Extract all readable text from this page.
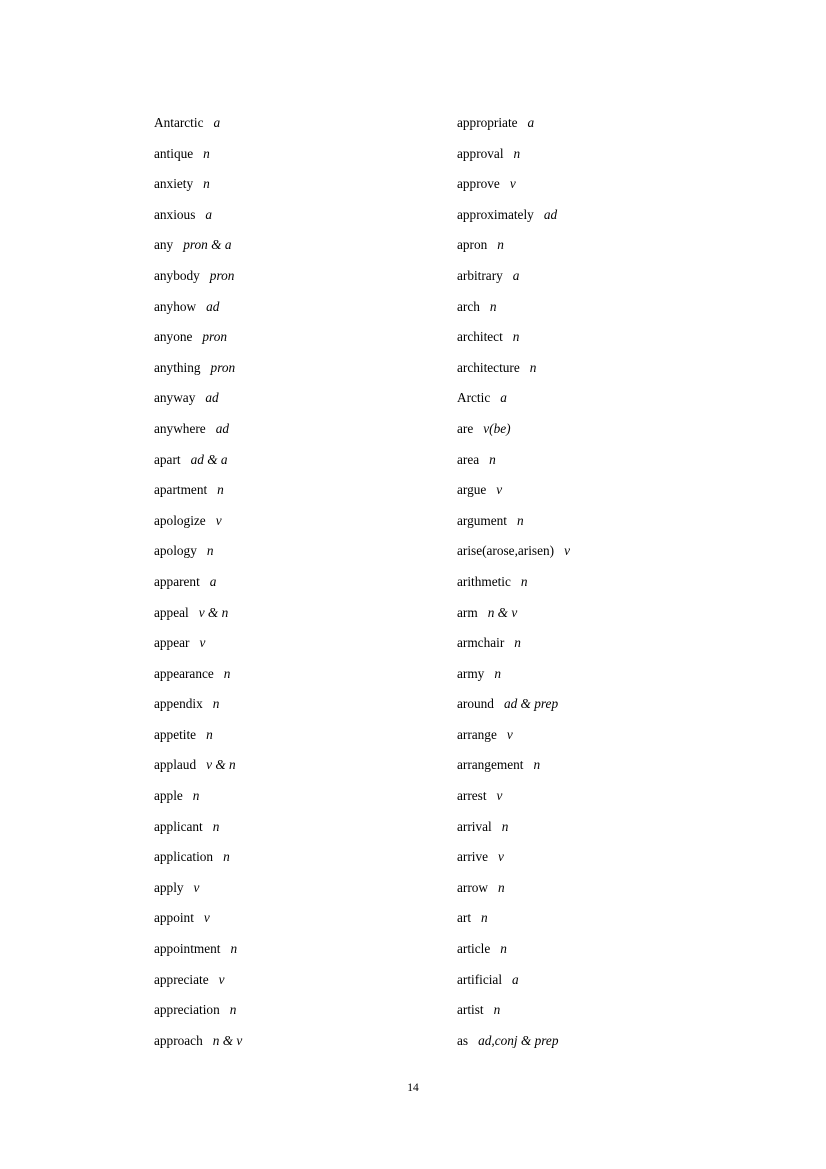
Antarctic a
antique n
anxiety n
anxious a
any pron & a
anybody pron
anyhow ad
anyone pron
anything pron
anyway ad
anywhere ad
apart ad & a
apartment n
apologize v
apology n
apparent a
appeal v & n
appear v
appearance n
appendix n
appetite n
applaud v & n
apple n
applicant n
application n
apply v
appoint v
appointment n
appreciate v
appreciation n
approach n & v
appropriate a
approval n
approve v
approximately ad
apron n
arbitrary a
arch n
architect n
architecture n
Arctic a
are v(be)
area n
argue v
argument n
arise(arose,arisen) v
arithmetic n
arm n & v
armchair n
army n
around ad & prep
arrange v
arrangement n
arrest v
arrival n
arrive v
arrow n
art n
article n
artificial a
artist n
as ad,conj & prep
14
